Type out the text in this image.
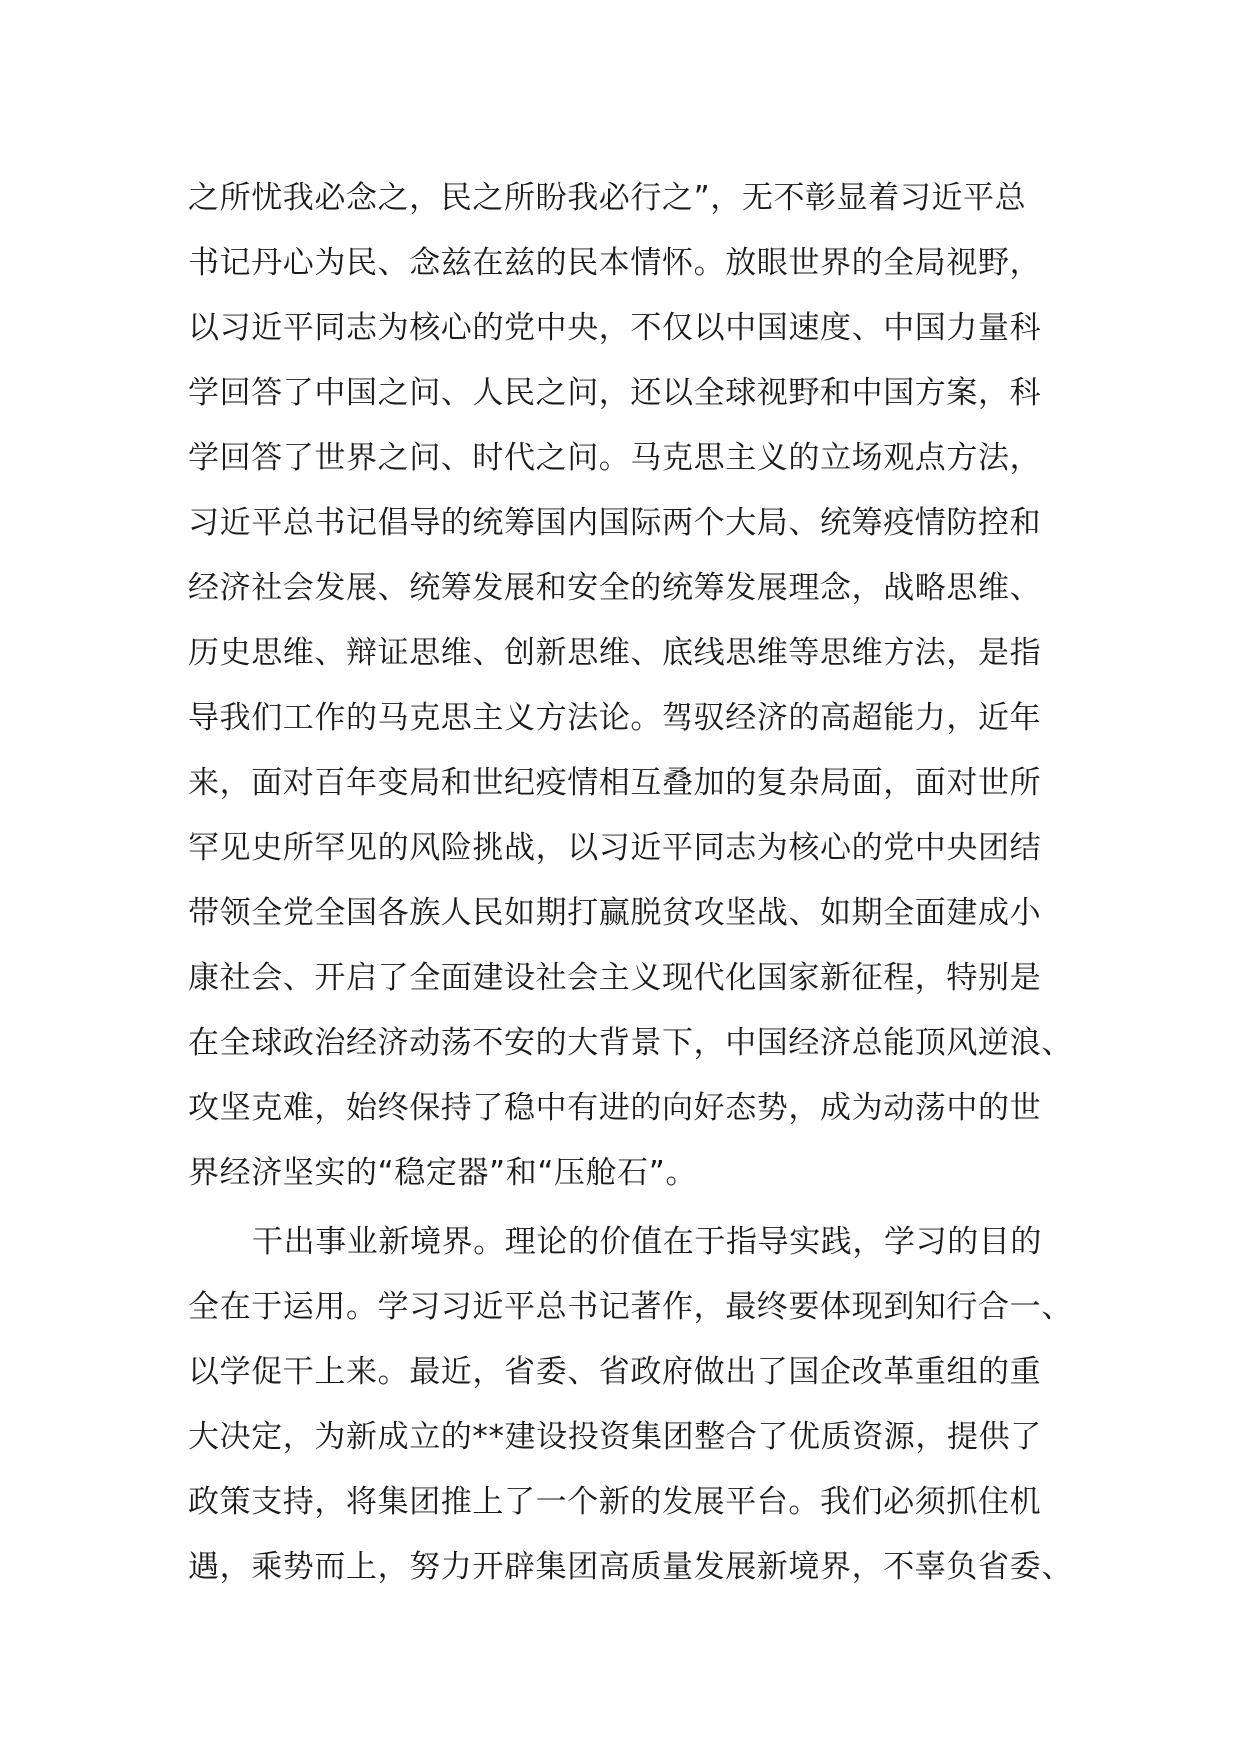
之所忧我必念之，民之所盼我必行之”，无不彰显着习近平总
书记丹心为民、念兹在兹的民本情怀。放眼世界的全局视野，
以习近平同志为核心的党中央，不仅以中国速度、中国力量科
学回答了中国之问、人民之问，还以全球视野和中国方案，科
学回答了世界之问、时代之问。马克思主义的立场观点方法，
习近平总书记倡导的统筹国内国际两个大局、统筹疫情防控和
经济社会发展、统筹发展和安全的统筹发展理念，战略思维、
历史思维、辩证思维、创新思维、底线思维等思维方法，是指
导我们工作的马克思主义方法论。驾驭经济的高超能力，近年
来，面对百年变局和世纪疫情相互叠加的复杂局面，面对世所
罕见史所罕见的风险挑战，以习近平同志为核心的党中央团结
带领全党全国各族人民如期打赢脱贫攻坚战、如期全面建成小
康社会、开启了全面建设社会主义现代化国家新征程，特别是
在全球政治经济动荡不安的大背景下，中国经济总能顶风逆浪、
攻坚克难，始终保持了稳中有进的向好态势，成为动荡中的世
界经济坚实的“稳定器”和“压舱石”。
干出事业新境界。理论的价值在于指导实践，学习的目的
全在于运用。学习习近平总书记著作，最终要体现到知行合一、
以学促干上来。最近，省委、省政府做出了国企改革重组的重
大决定，为新成立的**建设投资集团整合了优质资源，提供了
政策支持，将集团推上了一个新的发展平台。我们必须抓住机
遇，乘势而上，努力开辟集团高质量发展新境界，不辜负省委、
